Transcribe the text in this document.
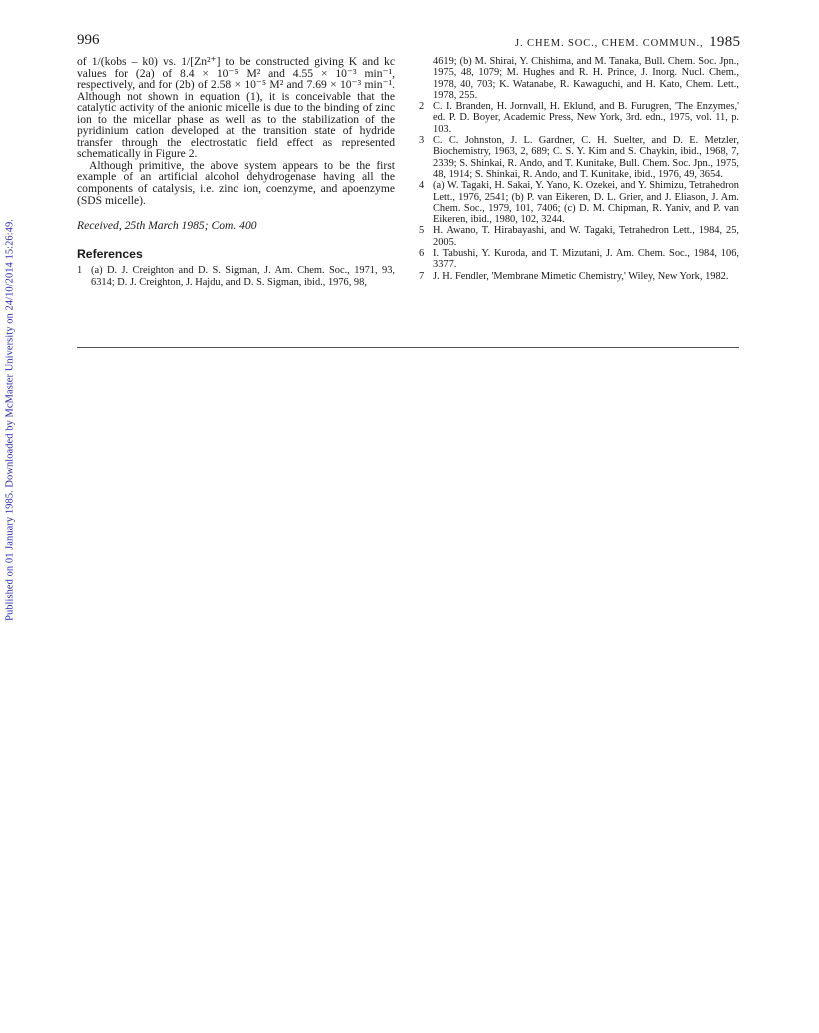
Published on 01 January 1985. Downloaded by McMaster University on 24/10/2014 15:26:49.
996	J. CHEM. SOC., CHEM. COMMUN., 1985
of 1/(kobs – k0) vs. 1/[Zn²⁺] to be constructed giving K and kc values for (2a) of 8.4 × 10⁻⁵ M² and 4.55 × 10⁻³ min⁻¹, respectively, and for (2b) of 2.58 × 10⁻⁵ M² and 7.69 × 10⁻³ min⁻¹. Although not shown in equation (1), it is conceivable that the catalytic activity of the anionic micelle is due to the binding of zinc ion to the micellar phase as well as to the stabilization of the pyridinium cation developed at the transition state of hydride transfer through the electrostatic field effect as represented schematically in Figure 2.
Although primitive, the above system appears to be the first example of an artificial alcohol dehydrogenase having all the components of catalysis, i.e. zinc ion, coenzyme, and apoenzyme (SDS micelle).
Received, 25th March 1985; Com. 400
References
1 (a) D. J. Creighton and D. S. Sigman, J. Am. Chem. Soc., 1971, 93, 6314; D. J. Creighton, J. Hajdu, and D. S. Sigman, ibid., 1976, 98,
4619; (b) M. Shirai, Y. Chishima, and M. Tanaka, Bull. Chem. Soc. Jpn., 1975, 48, 1079; M. Hughes and R. H. Prince, J. Inorg. Nucl. Chem., 1978, 40, 703; K. Watanabe, R. Kawaguchi, and H. Kato, Chem. Lett., 1978, 255.
2 C. I. Branden, H. Jornvall, H. Eklund, and B. Furugren, 'The Enzymes,' ed. P. D. Boyer, Academic Press, New York, 3rd. edn., 1975, vol. 11, p. 103.
3 C. C. Johnston, J. L. Gardner, C. H. Suelter, and D. E. Metzler, Biochemistry, 1963, 2, 689; C. S. Y. Kim and S. Chaykin, ibid., 1968, 7, 2339; S. Shinkai, R. Ando, and T. Kunitake, Bull. Chem. Soc. Jpn., 1975, 48, 1914; S. Shinkai, R. Ando, and T. Kunitake, ibid., 1976, 49, 3654.
4 (a) W. Tagaki, H. Sakai, Y. Yano, K. Ozekei, and Y. Shimizu, Tetrahedron Lett., 1976, 2541; (b) P. van Eikeren, D. L. Grier, and J. Eliason, J. Am. Chem. Soc., 1979, 101, 7406; (c) D. M. Chipman, R. Yaniv, and P. van Eikeren, ibid., 1980, 102, 3244.
5 H. Awano, T. Hirabayashi, and W. Tagaki, Tetrahedron Lett., 1984, 25, 2005.
6 I. Tabushi, Y. Kuroda, and T. Mizutani, J. Am. Chem. Soc., 1984, 106, 3377.
7 J. H. Fendler, 'Membrane Mimetic Chemistry,' Wiley, New York, 1982.
